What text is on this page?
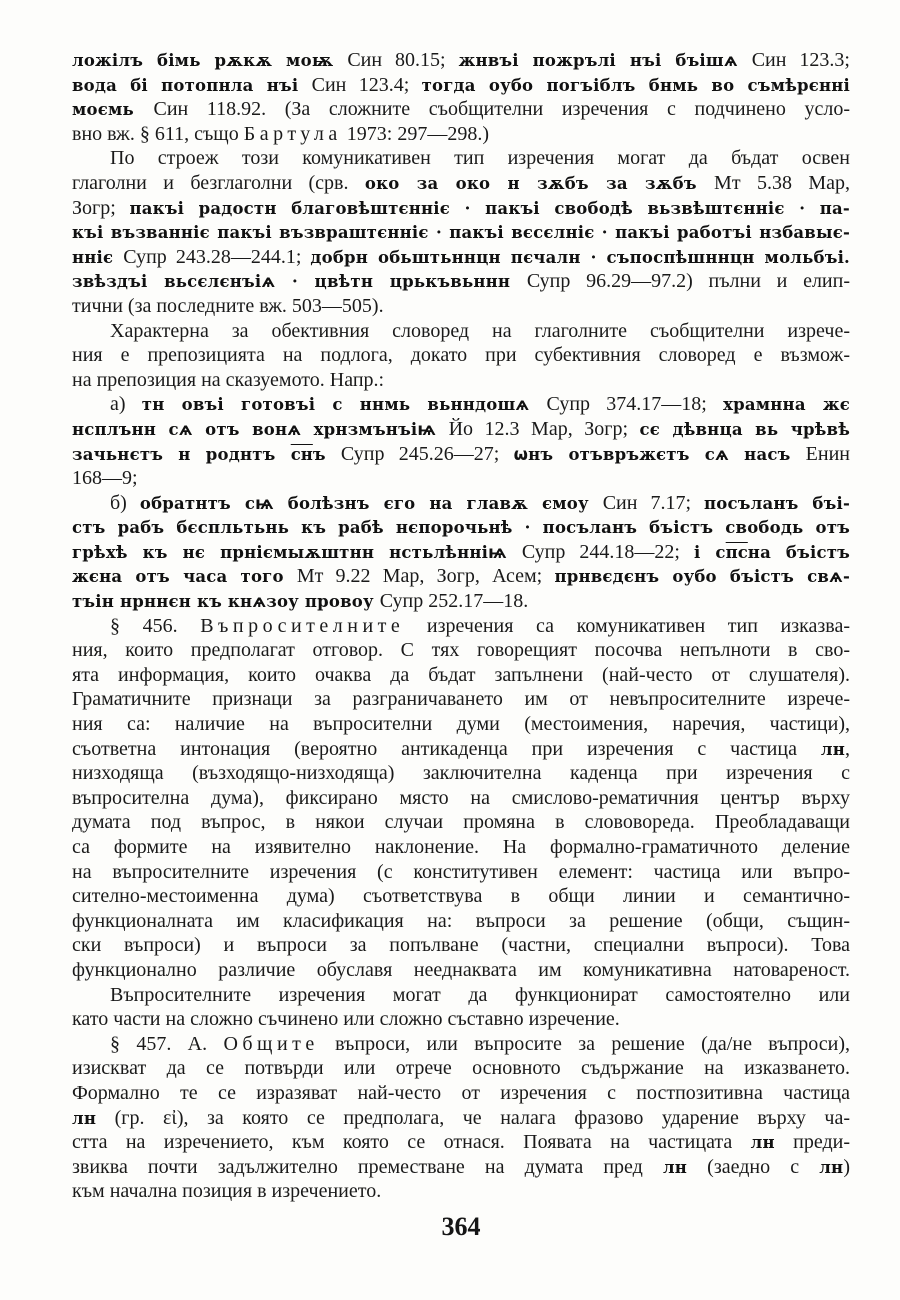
ложілъ бімь рѫкѫ моѭ Син 80.15; жнвъі пожрълі нъі бъішѧ Син 123.3;
вода бі потопнла нъі Син 123.4; тогда оубо погъіблъ бнмь во съмѣрєнні
моємь Син 118.92. (За сложните съобщителни изречения с подчинено усло-
вно вж. § 611, също Бартула 1973: 297—298.)
По строеж този комуникативен тип изречения могат да бъдат освен
глаголни и безглаголни (срв. око за око н зѫбъ за зѫбъ Мт 5.38 Мар,
Зогр; пакъі радостн благовѣштєнніє · пакъі свободѣ вьзвѣштєнніє · па-
къі възванніє пакъі възвраштєнніє · пакъі вєсєлніє · пакъі работъі нзбавыє-
нніє Супр 243.28—244.1; добрн обьштьннцн пєчалн · съпоспѣшннцн мольбъі.
звѣздъі вьсєлєнъіѧ · цвѣтн црькъвьннн Супр 96.29—97.2) пълни и елип-
тични (за последните вж. 503—505).
Характерна за обективния словоред на глаголните съобщителни изрече-
ния е препозицията на подлога, докато при субективния словоред е възмож-
на препозиция на сказуемото. Напр.:
а) тн овъі готовъі с ннмь вьнндошѧ Супр 374.17—18; храмнна жє
нсплънн сѧ отъ вонѧ хрнзмънъіѩ Йо 12.3 Мар, Зогр; сє дѣвнца вь чрѣвѣ
зачьнєтъ н роднтъ снъ Супр 245.26—27; ѡнъ отъвръжєтъ сѧ насъ Енин
168—9;
б) обратнтъ сѩ болѣзнъ єго на главѫ ємоу Син 7.17; посъланъ бъі-
стъ рабъ бєспльтьнь къ рабѣ нєпорочьнѣ · посъланъ бъістъ свободь отъ
грѣхѣ къ нє прніємыѫштнн нстьлѣнніѩ Супр 244.18—22; і спсна бъістъ
жєна отъ часа того Мт 9.22 Мар, Зогр, Асем; прнвєдєнъ оубо бъістъ свѧ-
тъін нрннєн къ кнѧзоу провоу Супр 252.17—18.
§ 456. Въпросителните изречения са комуникативен тип изказва-
ния, които предполагат отговор. С тях говорещият посочва непълноти в сво-
ята информация, които очаква да бъдат запълнени (най-често от слушателя).
Граматичните признаци за разграничаването им от невъпросителните изрече-
ния са: наличие на въпросителни думи (местоимения, наречия, частици),
съответна интонация (вероятно антикаденца при изречения с частица лн,
низходяща (възходящо-низходяща) заключителна каденца при изречения с
въпросителна дума), фиксирано място на смислово-рематичния център върху
думата под въпрос, в някои случаи промяна в слововореда. Преобладаващи
са формите на изявително наклонение. На формално-граматичното деление
на въпросителните изречения (с конститутивен елемент: частица или въпро-
сително-местоименна дума) съответствува в общи линии и семантично-
функционалната им класификация на: въпроси за решение (общи, същин-
ски въпроси) и въпроси за попълване (частни, специални въпроси). Това
функционално различие обуславя нееднаквата им комуникативна натовареност.
Въпросителните изречения могат да функционират самостоятелно или
като части на сложно съчинено или сложно съставно изречение.
§ 457. А. Общите въпроси, или въпросите за решение (да/не въпроси),
изискват да се потвърди или отрече основното съдържание на изказването.
Формално те се изразяват най-често от изречения с постпозитивна частица
лн (гр. εἰ), за която се предполага, че налага фразово ударение върху ча-
стта на изречението, към която се отнася. Появата на частицата лн преди-
звиква почти задължително преместване на думата пред лн (заедно с лн)
към начална позиция в изречението.
364
